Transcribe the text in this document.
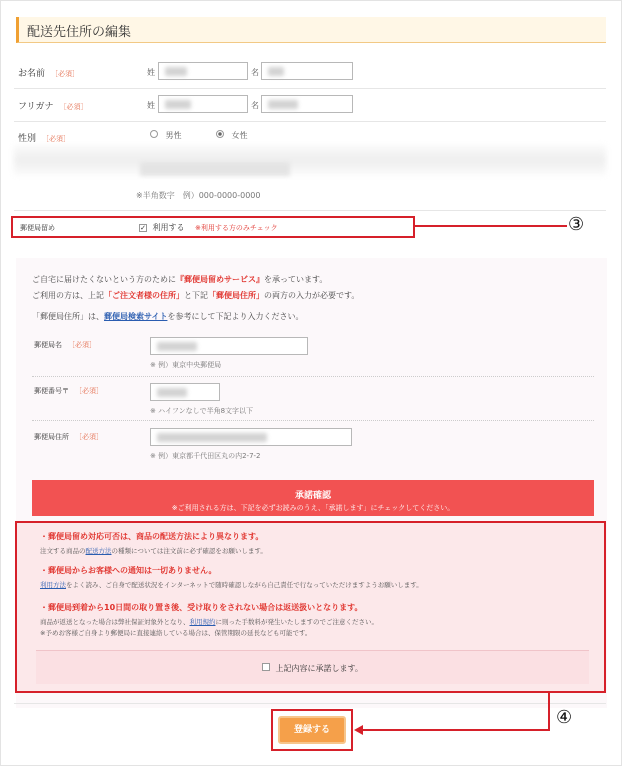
配送先住所の編集
お名前 ［必須］	姓	名
フリガナ ［必須］	姓	名
性別 ［必須］	男性	女性
※半角数字　例）000-0000-0000
郵便局留め	✓ 利用する ※利用する方のみチェック	③
ご自宅に届けたくないという方のために『郵便局留めサービス』を承っています。
ご利用の方は、上記「ご注文者様の住所」と下記「郵便局住所」の両方の入力が必要です。
「郵便局住所」は、郵便局検索サイトを参考にして下記より入力ください。
郵便局名 ［必須］
※ 例）東京中央郵便局
郵便番号〒 ［必須］
※ ハイフンなしで半角8文字以下
郵便局住所 ［必須］
※ 例）東京都千代田区丸の内2-7-2
承諾確認
※ご利用される方は、下記を必ずお読みのうえ、「承諾します」にチェックしてください。
・郵便局留め対応可否は、商品の配送方法により異なります。
注文する商品の配送方法の種類については注文前に必ず確認をお願いします。
・郵便局からお客様への通知は一切ありません。
利用方法をよく読み、ご自身で配送状況をインターネットで随時確認しながら自己責任で行なっていただけますようお願いします。
・郵便局到着から10日間の取り置き後、受け取りをされない場合は返送扱いとなります。
商品が返送となった場合は弊社保証対象外となり、利用規約に則った手数料が発生いたしますのでご注意ください。
※予めお客様ご自身より郵便局に直接連絡している場合は、保管期限の延長なども可能です。
上記内容に承諾します。
登録する
④
